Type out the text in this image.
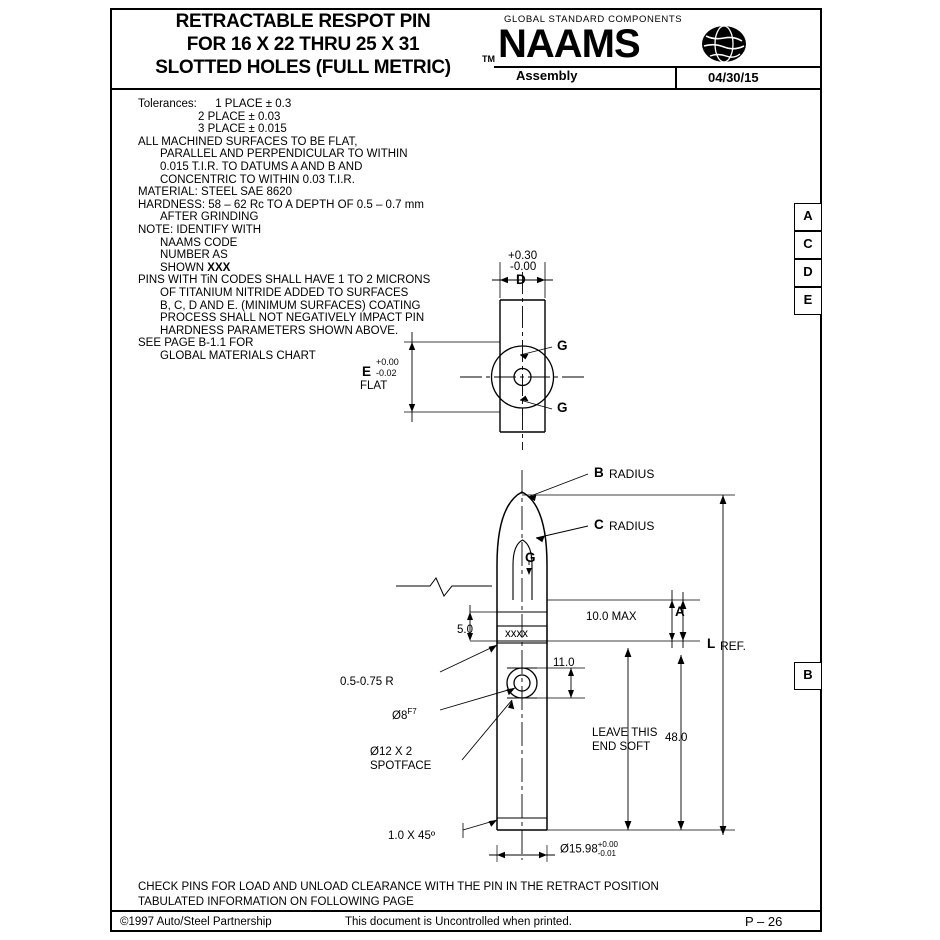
RETRACTABLE RESPOT PIN
FOR 16 X 22 THRU 25 X 31
SLOTTED HOLES (FULL METRIC)	TM
GLOBAL STANDARD COMPONENTS
NAAMS
Assembly	04/30/15
Tolerances: 1 PLACE ± 0.3
2 PLACE ± 0.03
3 PLACE ± 0.015
ALL MACHINED SURFACES TO BE FLAT,
PARALLEL AND PERPENDICULAR TO WITHIN
0.015 T.I.R. TO DATUMS A AND B AND
CONCENTRIC TO WITHIN 0.03 T.I.R.
MATERIAL: STEEL SAE 8620
HARDNESS: 58 – 62 Rc TO A DEPTH OF 0.5 – 0.7 mm
AFTER GRINDING
NOTE: IDENTIFY WITH
NAAMS CODE
NUMBER AS
SHOWN XXX
PINS WITH TiN CODES SHALL HAVE 1 TO 2 MICRONS
OF TITANIUM NITRIDE ADDED TO SURFACES
B, C, D AND E. (MINIMUM SURFACES) COATING
PROCESS SHALL NOT NEGATIVELY IMPACT PIN
HARDNESS PARAMETERS SHOWN ABOVE.
SEE PAGE B-1.1 FOR
GLOBAL MATERIALS CHART
A
C
D
E
B
+0.30
-0.00
D
G
G
E
+0.00
-0.02
FLAT
B RADIUS
C RADIUS
G
5.0	xxxx
10.0 MAX	A
L REF.
11.0
0.5-0.75 R
$Ø8^{F7}$
Ø12 X 2
SPOTFACE
48.0
LEAVE THIS
END SOFT
1.0 X 45º
Ø15.98 +0.00
-0.01
CHECK PINS FOR LOAD AND UNLOAD CLEARANCE WITH THE PIN IN THE RETRACT POSITION
TABULATED INFORMATION ON FOLLOWING PAGE
©1997 Auto/Steel Partnership	This document is Uncontrolled when printed.	P – 26
